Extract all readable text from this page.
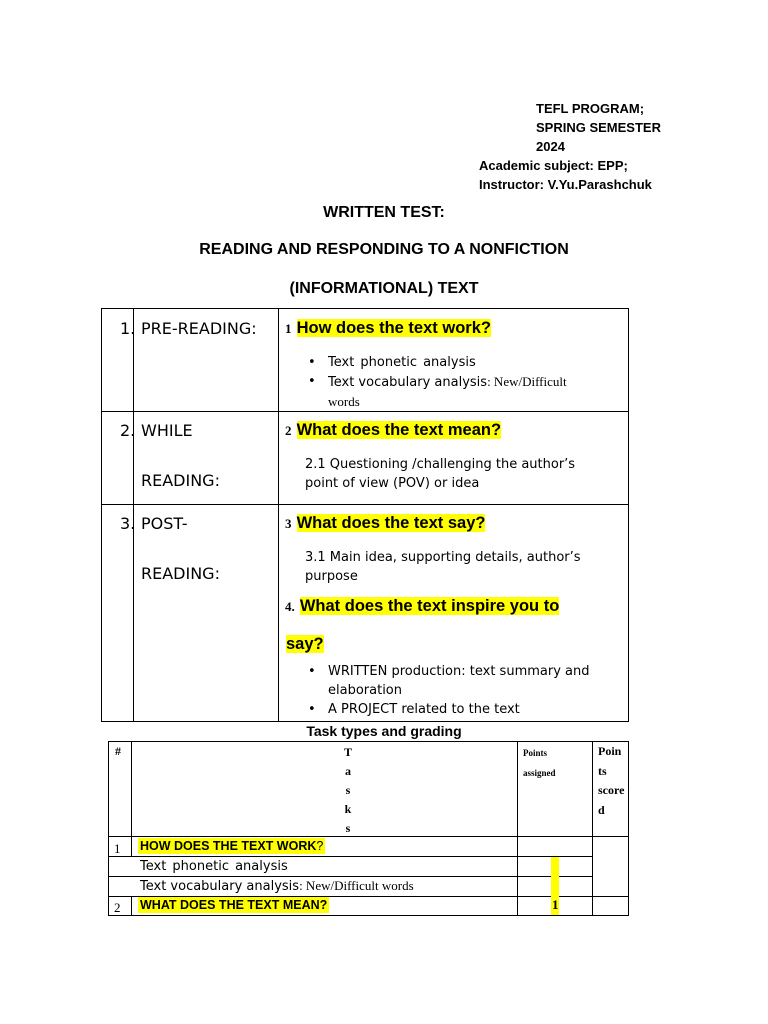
TEFL PROGRAM;
SPRING SEMESTER
2024
Academic subject: EPP;
Instructor: V.Yu.Parashchuk
WRITTEN TEST:
READING AND RESPONDING TO A NONFICTION
(INFORMATIONAL) TEXT
1. PRE-READING: 1 How does the text work?
• Text phonetic analysis
• Text vocabulary analysis: New/Difficult
words
2. WHILE
READING:
2 What does the text mean?
2.1 Questioning /challenging the author’s
point of view (POV) or idea
3. POST-
READING:
3 What does the text say?
3.1 Main idea, supporting details, author’s
purpose
4. What does the text inspire you to
say?
• WRITTEN production: text summary and
elaboration
• A PROJECT related to the text
Task types and grading
#	T
a
s
k
s
Points
assigned
Poin
ts
score
d
1 HOW DOES THE TEXT WORK?
Text phonetic analysis
Text vocabulary analysis: New/Difficult words
2 WHAT DOES THE TEXT MEAN?	1
